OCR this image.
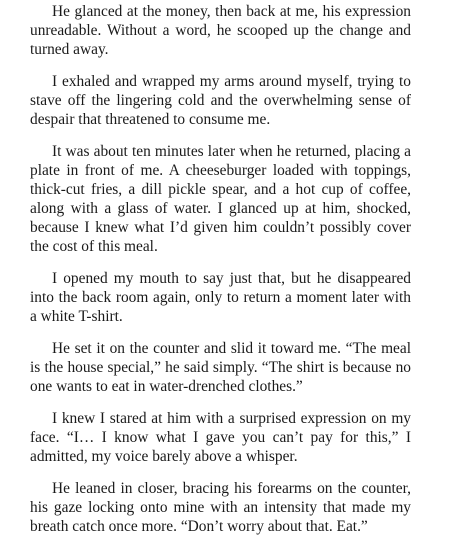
He glanced at the money, then back at me, his expression unreadable. Without a word, he scooped up the change and turned away.

I exhaled and wrapped my arms around myself, trying to stave off the lingering cold and the overwhelming sense of despair that threatened to consume me.

It was about ten minutes later when he returned, placing a plate in front of me. A cheeseburger loaded with toppings, thick-cut fries, a dill pickle spear, and a hot cup of coffee, along with a glass of water. I glanced up at him, shocked, because I knew what I’d given him couldn’t possibly cover the cost of this meal.

I opened my mouth to say just that, but he disappeared into the back room again, only to return a moment later with a white T-shirt.

He set it on the counter and slid it toward me. “The meal is the house special,” he said simply. “The shirt is because no one wants to eat in water-drenched clothes.”

I knew I stared at him with a surprised expression on my face. “I… I know what I gave you can’t pay for this,” I admitted, my voice barely above a whisper.

He leaned in closer, bracing his forearms on the counter, his gaze locking onto mine with an intensity that made my breath catch once more. “Don’t worry about that. Eat.”
